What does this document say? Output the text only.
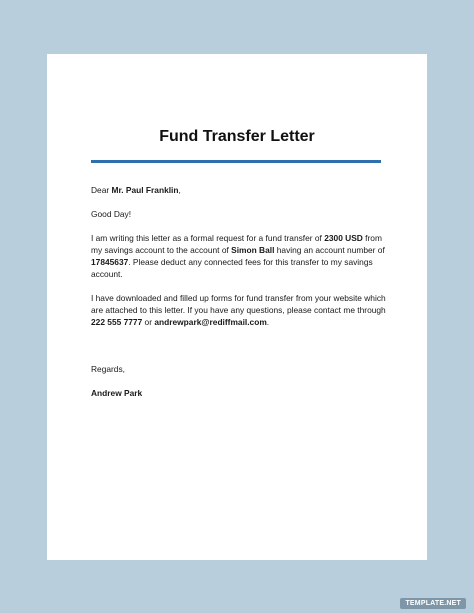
Fund Transfer Letter

Dear Mr. Paul Franklin,

Good Day!

I am writing this letter as a formal request for a fund transfer of 2300 USD from my savings account to the account of Simon Ball having an account number of 17845637. Please deduct any connected fees for this transfer to my savings account.

I have downloaded and filled up forms for fund transfer from your website which are attached to this letter. If you have any questions, please contact me through 222 555 7777 or andrewpark@rediffmail.com.

Regards,

Andrew Park

TEMPLATE.NET
